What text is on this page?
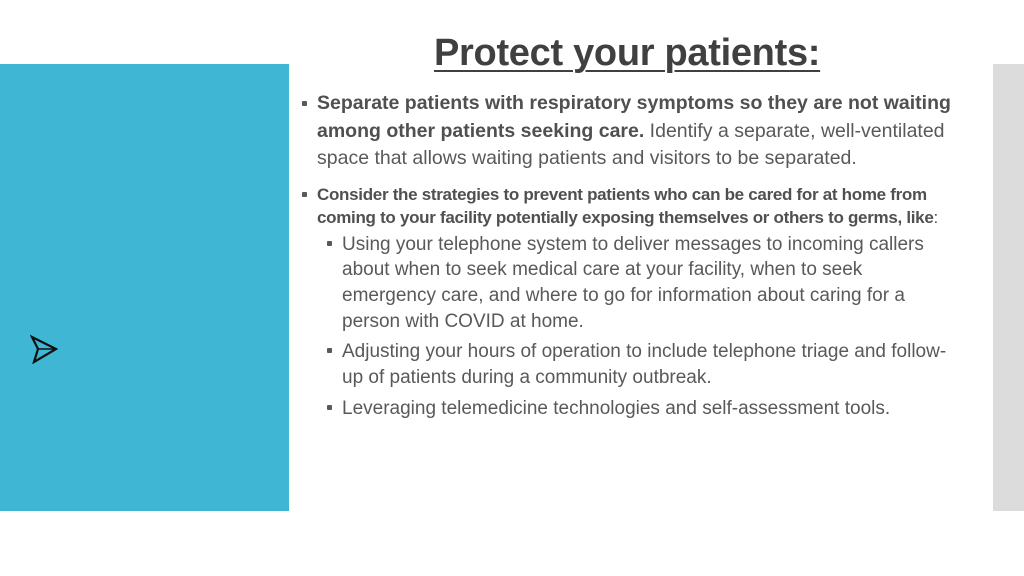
Protect your patients:
Separate patients with respiratory symptoms so they are not waiting among other patients seeking care. Identify a separate, well-ventilated space that allows waiting patients and visitors to be separated.
Consider the strategies to prevent patients who can be cared for at home from coming to your facility potentially exposing themselves or others to germs, like:
Using your telephone system to deliver messages to incoming callers about when to seek medical care at your facility, when to seek emergency care, and where to go for information about caring for a person with COVID at home.
Adjusting your hours of operation to include telephone triage and follow-up of patients during a community outbreak.
Leveraging telemedicine technologies and self-assessment tools.
